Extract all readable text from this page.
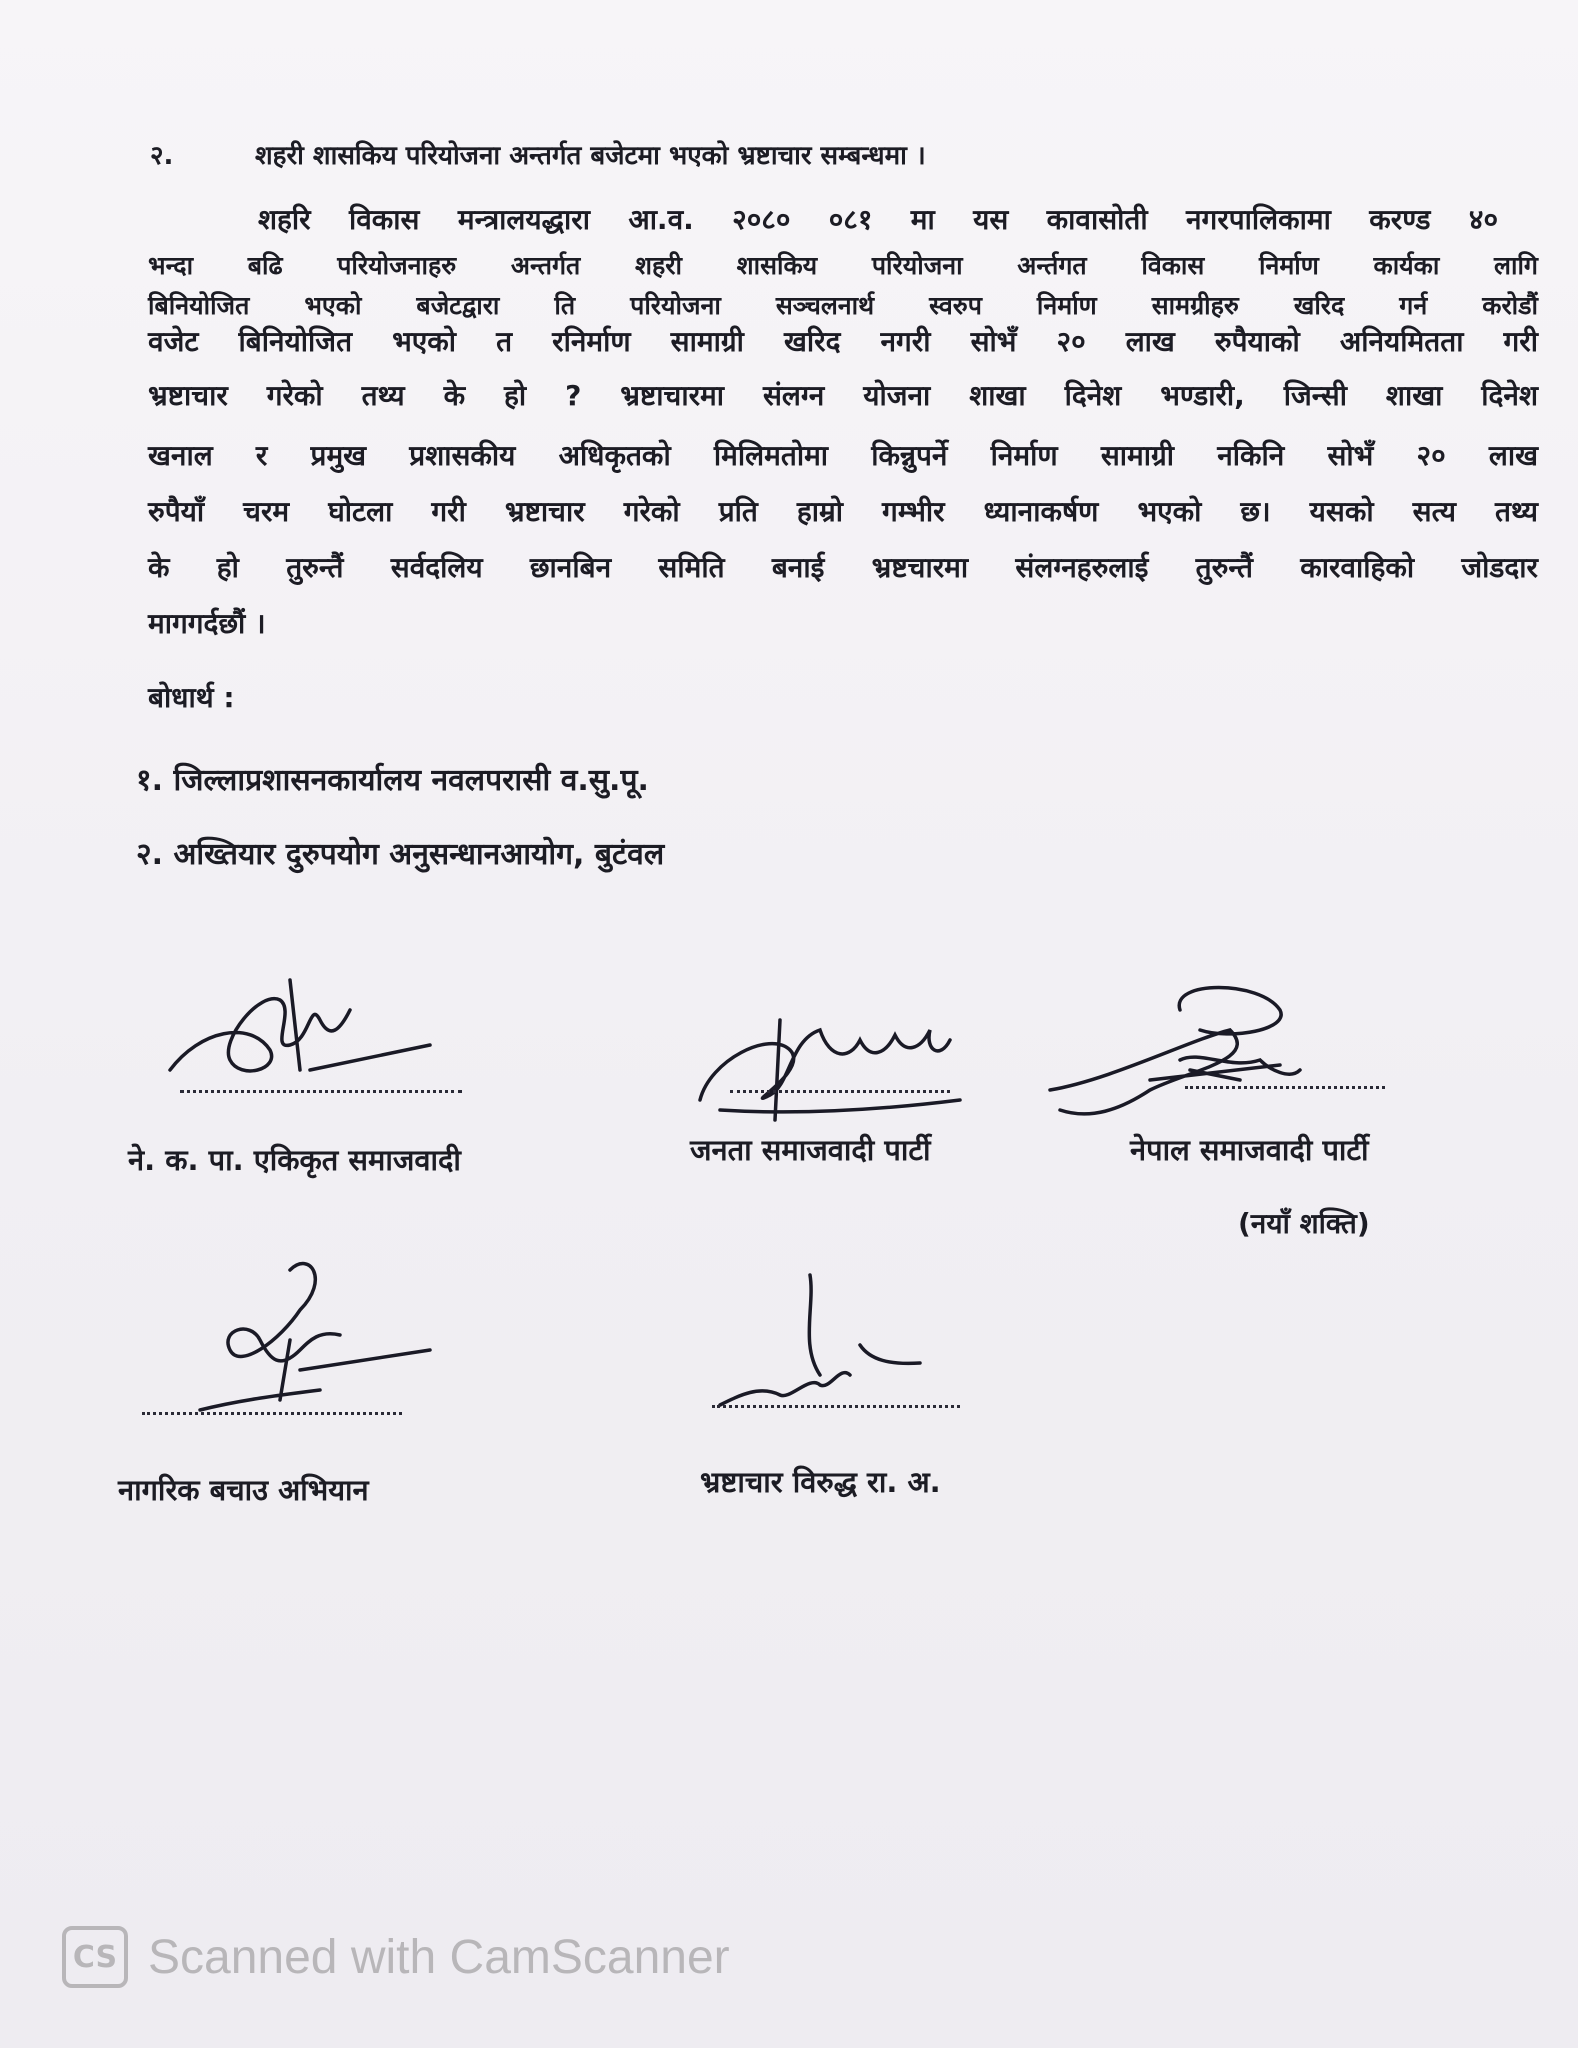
२.	शहरी शासकिय परियोजना अन्तर्गत बजेटमा भएको भ्रष्टाचार सम्बन्धमा ।
शहरि विकास मन्त्रालयद्धारा आ.व. २०८० ०८१ मा यस कावासोती नगरपालिकामा करण्ड ४०
भन्दा बढि परियोजनाहरु अन्तर्गत शहरी शासकिय परियोजना अर्न्तगत विकास निर्माण कार्यका लागि
बिनियोजित भएको बजेटद्वारा ति परियोजना सञ्चलनार्थ स्वरुप निर्माण सामग्रीहरु खरिद गर्न करोडौं
वजेट बिनियोजित भएको त रनिर्माण सामाग्री खरिद नगरी सोभँ २० लाख रुपैयाको अनियमितता गरी
भ्रष्टाचार गरेको तथ्य के हो ? भ्रष्टाचारमा संलग्न योजना शाखा दिनेश भण्डारी, जिन्सी शाखा दिनेश
खनाल र प्रमुख प्रशासकीय अधिकृतको मिलिमतोमा किन्नुपर्ने निर्माण सामाग्री नकिनि सोभँ २० लाख
रुपैयाँ चरम घोटला गरी भ्रष्टाचार गरेको प्रति हाम्रो गम्भीर ध्यानाकर्षण भएको छ। यसको सत्य तथ्य
के हो तुरुन्तैं सर्वदलिय छानबिन समिति बनाई भ्रष्टचारमा संलग्नहरुलाई तुरुन्तैं कारवाहिको जोडदार
मागगर्दछौं ।
बोधार्थ :
१. जिल्लाप्रशासनकार्यालय नवलपरासी व.सु.पू.
२. अख्तियार दुरुपयोग अनुसन्धानआयोग, बुटंवल
ने. क. पा. एकिकृत समाजवादी	जनता समाजवादी पार्टी	नेपाल समाजवादी पार्टी
(नयाँ शक्ति)
नागरिक बचाउ अभियान	भ्रष्टाचार विरुद्ध रा. अ.
CS Scanned with CamScanner
